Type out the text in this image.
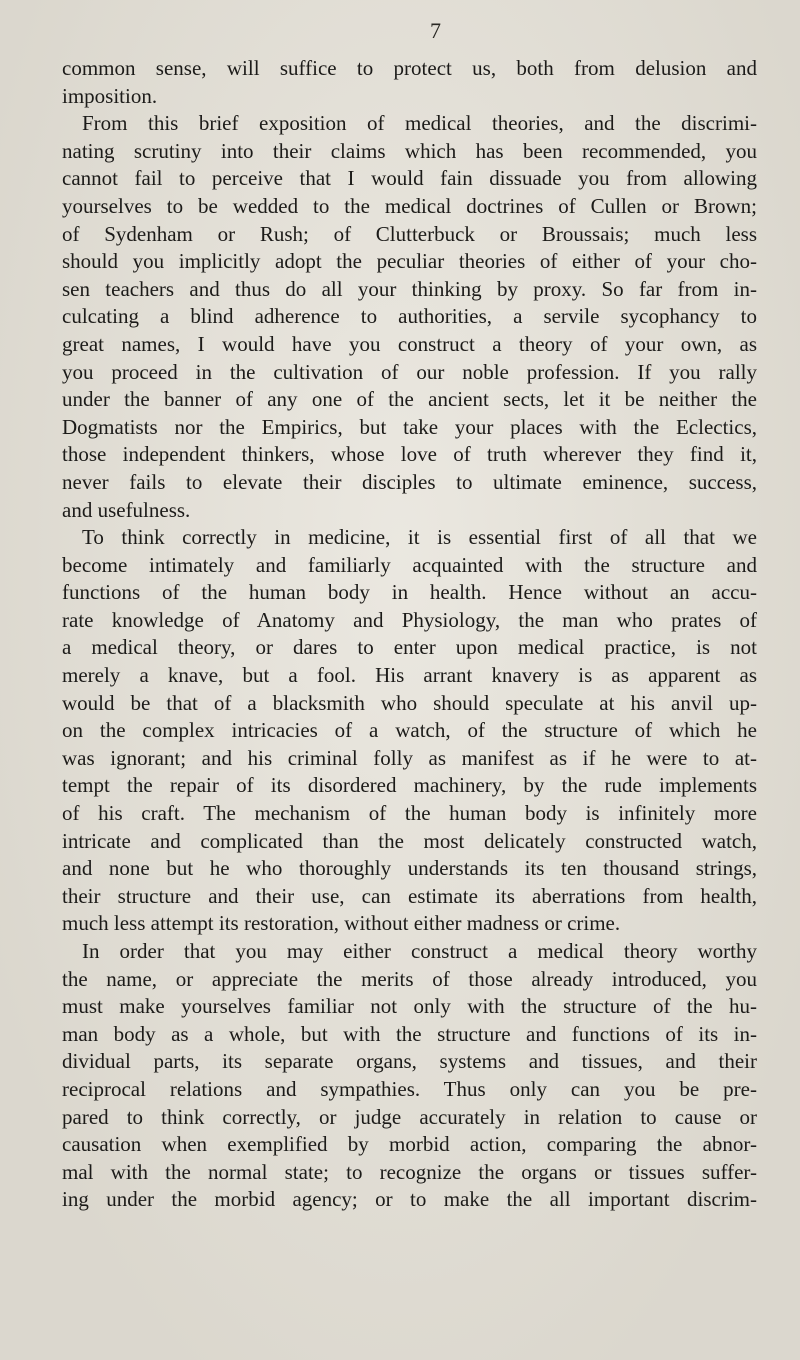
7
common sense, will suffice to protect us, both from delusion and
imposition.
From this brief exposition of medical theories, and the discrimi-
nating scrutiny into their claims which has been recommended, you
cannot fail to perceive that I would fain dissuade you from allowing
yourselves to be wedded to the medical doctrines of Cullen or Brown;
of Sydenham or Rush; of Clutterbuck or Broussais; much less
should you implicitly adopt the peculiar theories of either of your cho-
sen teachers and thus do all your thinking by proxy. So far from in-
culcating a blind adherence to authorities, a servile sycophancy to
great names, I would have you construct a theory of your own, as
you proceed in the cultivation of our noble profession. If you rally
under the banner of any one of the ancient sects, let it be neither the
Dogmatists nor the Empirics, but take your places with the Eclectics,
those independent thinkers, whose love of truth wherever they find it,
never fails to elevate their disciples to ultimate eminence, success,
and usefulness.
To think correctly in medicine, it is essential first of all that we
become intimately and familiarly acquainted with the structure and
functions of the human body in health. Hence without an accu-
rate knowledge of Anatomy and Physiology, the man who prates of
a medical theory, or dares to enter upon medical practice, is not
merely a knave, but a fool. His arrant knavery is as apparent as
would be that of a blacksmith who should speculate at his anvil up-
on the complex intricacies of a watch, of the structure of which he
was ignorant; and his criminal folly as manifest as if he were to at-
tempt the repair of its disordered machinery, by the rude implements
of his craft. The mechanism of the human body is infinitely more
intricate and complicated than the most delicately constructed watch,
and none but he who thoroughly understands its ten thousand strings,
their structure and their use, can estimate its aberrations from health,
much less attempt its restoration, without either madness or crime.
In order that you may either construct a medical theory worthy
the name, or appreciate the merits of those already introduced, you
must make yourselves familiar not only with the structure of the hu-
man body as a whole, but with the structure and functions of its in-
dividual parts, its separate organs, systems and tissues, and their
reciprocal relations and sympathies. Thus only can you be pre-
pared to think correctly, or judge accurately in relation to cause or
causation when exemplified by morbid action, comparing the abnor-
mal with the normal state; to recognize the organs or tissues suffer-
ing under the morbid agency; or to make the all important discrim-
